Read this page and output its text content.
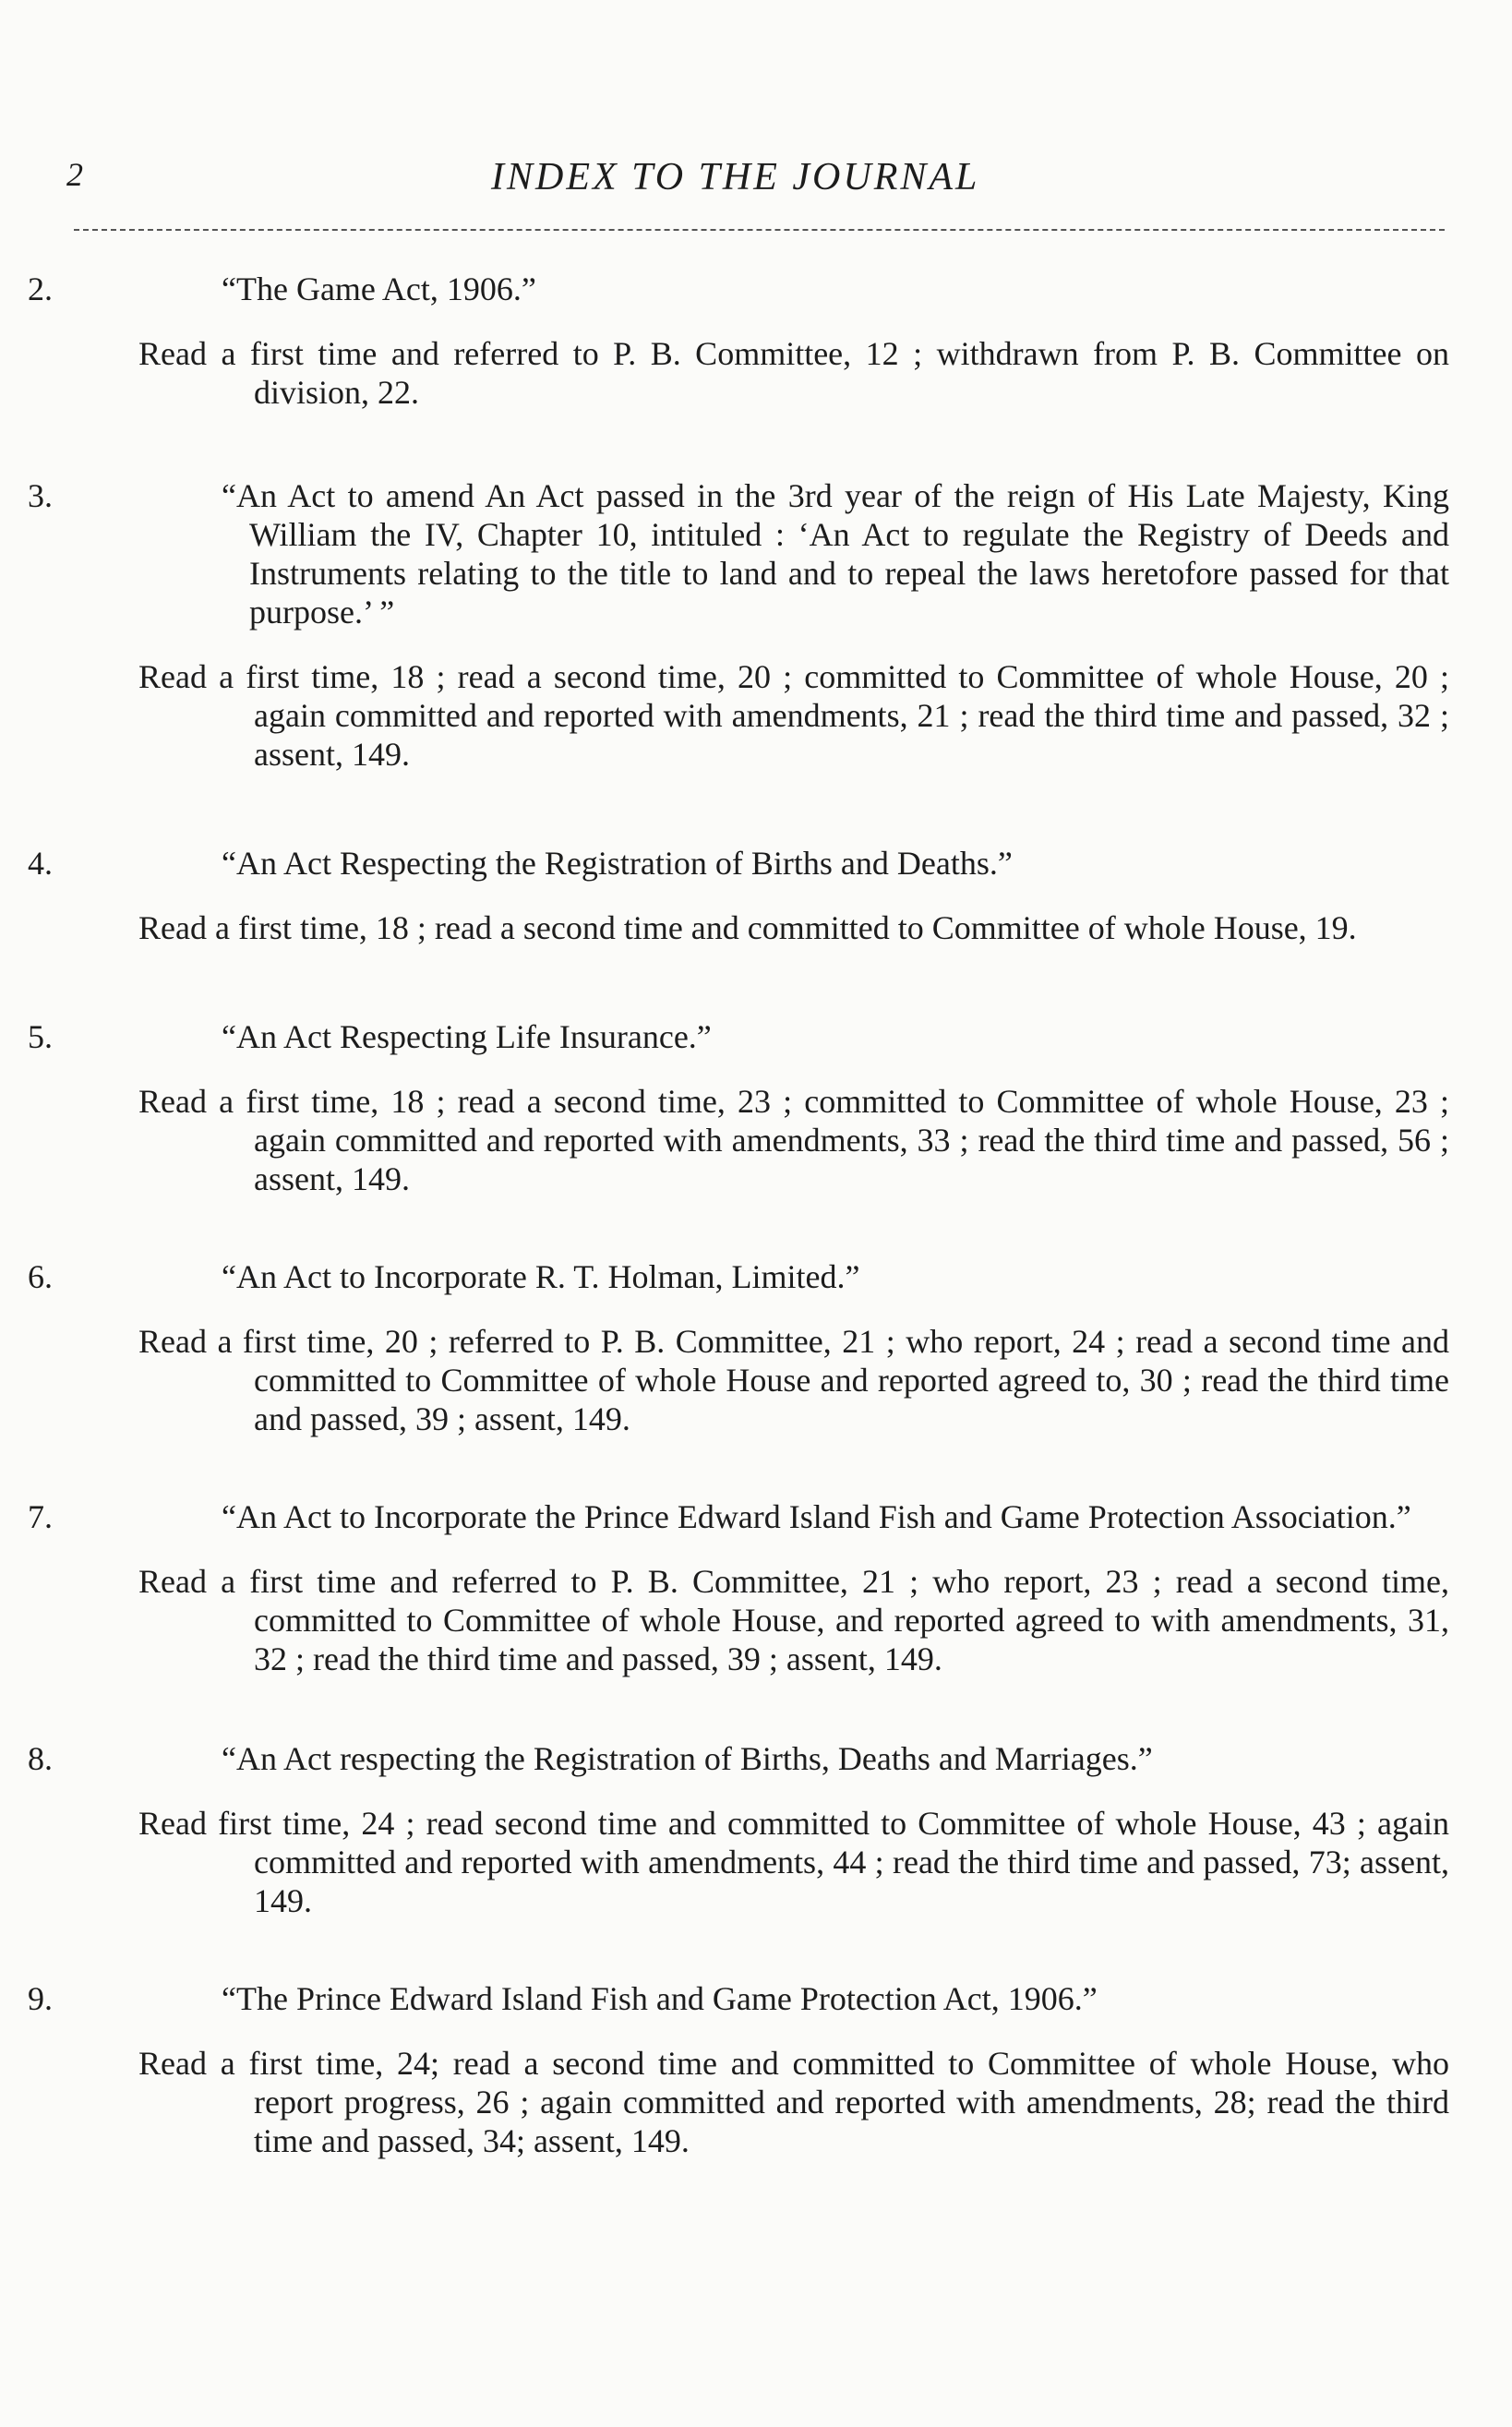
2	INDEX TO THE JOURNAL

2.	“The Game Act, 1906.”

Read a first time and referred to P. B. Committee, 12 ; withdrawn from P. B. Committee on division, 22.

3.	“An Act to amend An Act passed in the 3rd year of the reign of His Late Majesty, King William the IV, Chapter 10, intituled : ‘An Act to regulate the Registry of Deeds and Instruments relating to the title to land and to repeal the laws heretofore passed for that purpose.’ ”

Read a first time, 18 ; read a second time, 20 ; committed to Committee of whole House, 20 ; again committed and reported with amendments, 21 ; read the third time and passed, 32 ; assent, 149.

4.	“An Act Respecting the Registration of Births and Deaths.”

Read a first time, 18 ; read a second time and committed to Committee of whole House, 19.

5.	“An Act Respecting Life Insurance.”

Read a first time, 18 ; read a second time, 23 ; committed to Committee of whole House, 23 ; again committed and reported with amendments, 33 ; read the third time and passed, 56 ; assent, 149.

6.	“An Act to Incorporate R. T. Holman, Limited.”

Read a first time, 20 ; referred to P. B. Committee, 21 ; who report, 24 ; read a second time and committed to Committee of whole House and reported agreed to, 30 ; read the third time and passed, 39 ; assent, 149.

7.	“An Act to Incorporate the Prince Edward Island Fish and Game Protection Association.”

Read a first time and referred to P. B. Committee, 21 ; who report, 23 ; read a second time, committed to Committee of whole House, and reported agreed to with amendments, 31, 32 ; read the third time and passed, 39 ; assent, 149.

8.	“An Act respecting the Registration of Births, Deaths and Marriages.”

Read first time, 24 ; read second time and committed to Committee of whole House, 43 ; again committed and reported with amendments, 44 ; read the third time and passed, 73; assent, 149.

9.	“The Prince Edward Island Fish and Game Protection Act, 1906.”

Read a first time, 24; read a second time and committed to Committee of whole House, who report progress, 26 ; again committed and reported with amendments, 28; read the third time and passed, 34; assent, 149.
